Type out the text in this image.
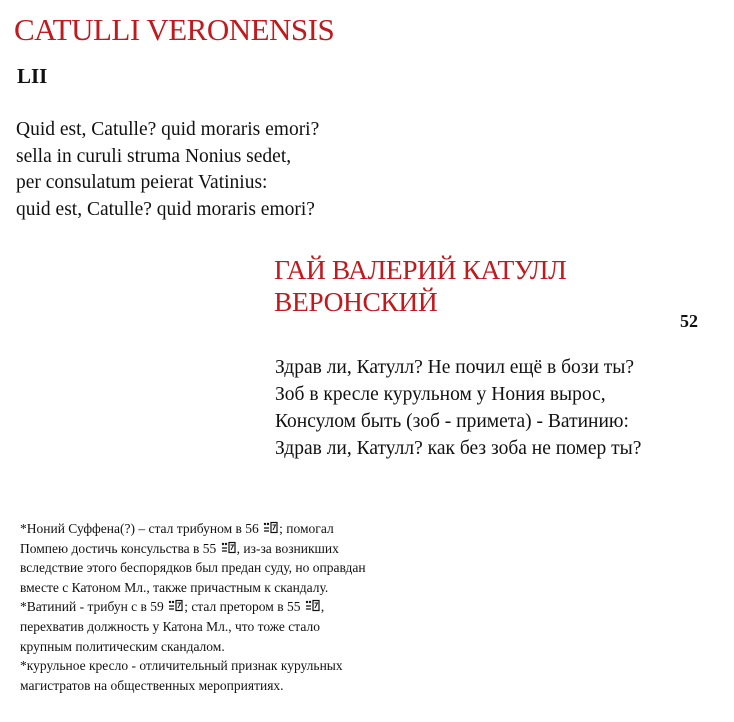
CATULLI VERONENSIS
LII
Quid est, Catulle? quid moraris emori?
sella in curuli struma Nonius sedet,
per consulatum peierat Vatinius:
quid est, Catulle? quid moraris emori?
ГАЙ ВАЛЕРИЙ КАТУЛЛ
ВЕРОНСКИЙ
52
Здрав ли, Катулл? Не почил ещё в бози ты?
Зоб в кресле курульном у Нония вырос,
Консулом быть (зоб - примета) - Ватинию:
Здрав ли, Катулл? как без зоба не помер ты?
*Ноний Суффена(?) – стал трибуном в 56 ; помогал
Помпею достичь консульства в 55 , из-за возникших
вследствие этого беспорядков был предан суду, но оправдан
вместе с Катоном Мл., также причастным к скандалу.
*Ватиний - трибун с в 59 ; стал претором в 55 ,
перехватив должность у Катона Мл., что тоже стало
крупным политическим скандалом.
*курульное кресло - отличительный признак курульных
магистратов на общественных мероприятиях.
